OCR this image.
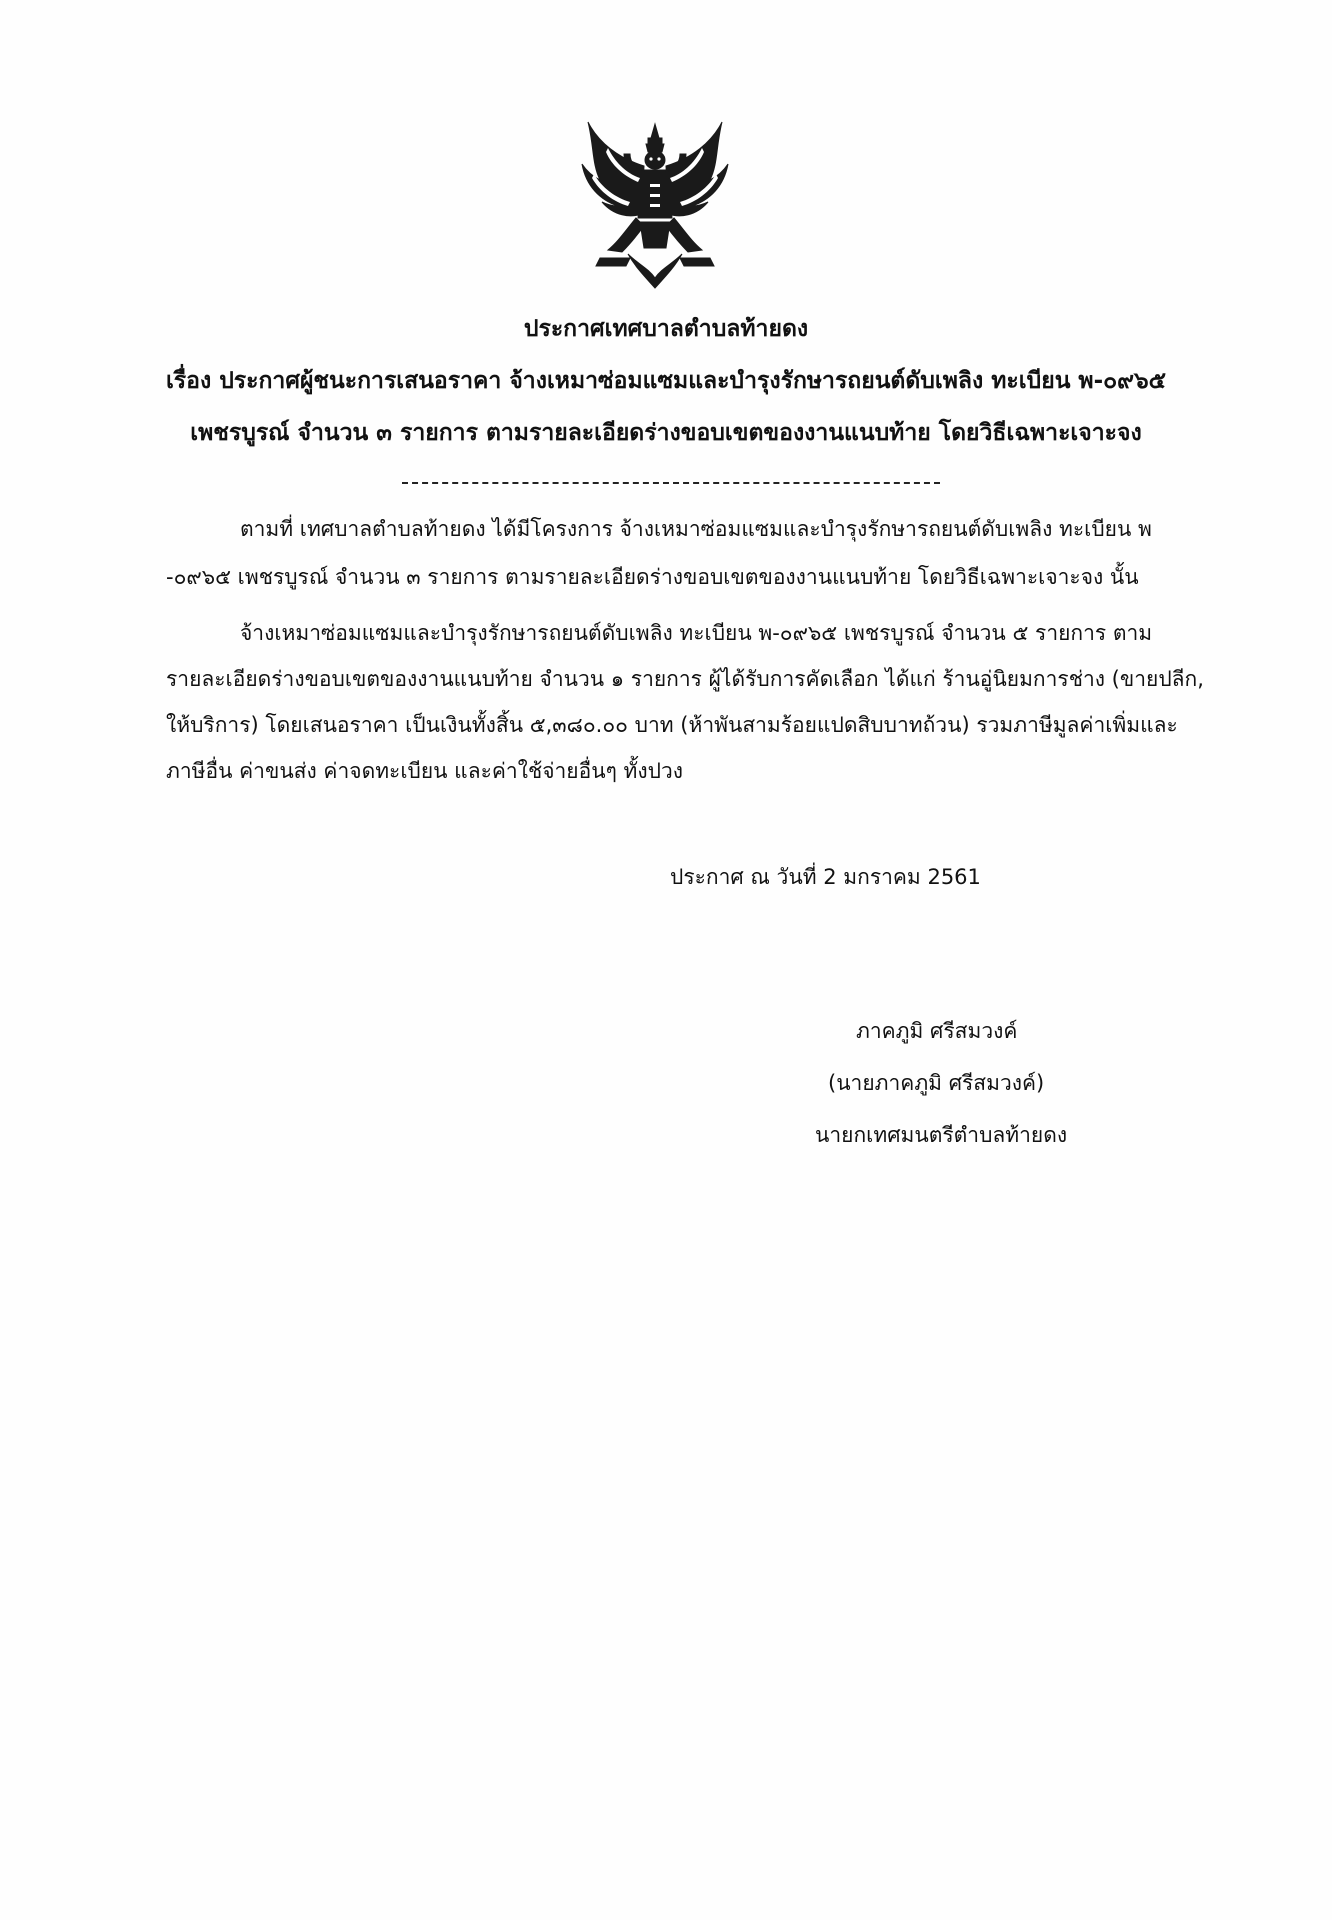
ประกาศเทศบาลตำบลท้ายดง
เรื่อง ประกาศผู้ชนะการเสนอราคา จ้างเหมาซ่อมแซมและบำรุงรักษารถยนต์ดับเพลิง ทะเบียน พ-๐๙๖๕
เพชรบูรณ์ จำนวน ๓ รายการ ตามรายละเอียดร่างขอบเขตของงานแนบท้าย โดยวิธีเฉพาะเจาะจง
ตามที่ เทศบาลตำบลท้ายดง ได้มีโครงการ จ้างเหมาซ่อมแซมและบำรุงรักษารถยนต์ดับเพลิง ทะเบียน พ
-๐๙๖๕ เพชรบูรณ์ จำนวน ๓ รายการ ตามรายละเอียดร่างขอบเขตของงานแนบท้าย โดยวิธีเฉพาะเจาะจง นั้น
จ้างเหมาซ่อมแซมและบำรุงรักษารถยนต์ดับเพลิง ทะเบียน พ-๐๙๖๕ เพชรบูรณ์ จำนวน ๕ รายการ ตาม
รายละเอียดร่างขอบเขตของงานแนบท้าย จำนวน ๑ รายการ ผู้ได้รับการคัดเลือก ได้แก่ ร้านอู่นิยมการช่าง (ขายปลีก,
ให้บริการ) โดยเสนอราคา เป็นเงินทั้งสิ้น ๕,๓๘๐.๐๐ บาท (ห้าพันสามร้อยแปดสิบบาทถ้วน) รวมภาษีมูลค่าเพิ่มและ
ภาษีอื่น ค่าขนส่ง ค่าจดทะเบียน และค่าใช้จ่ายอื่นๆ ทั้งปวง
ประกาศ ณ วันที่ 2 มกราคม 2561
ภาคภูมิ ศรีสมวงค์
(นายภาคภูมิ ศรีสมวงค์)
นายกเทศมนตรีตำบลท้ายดง
